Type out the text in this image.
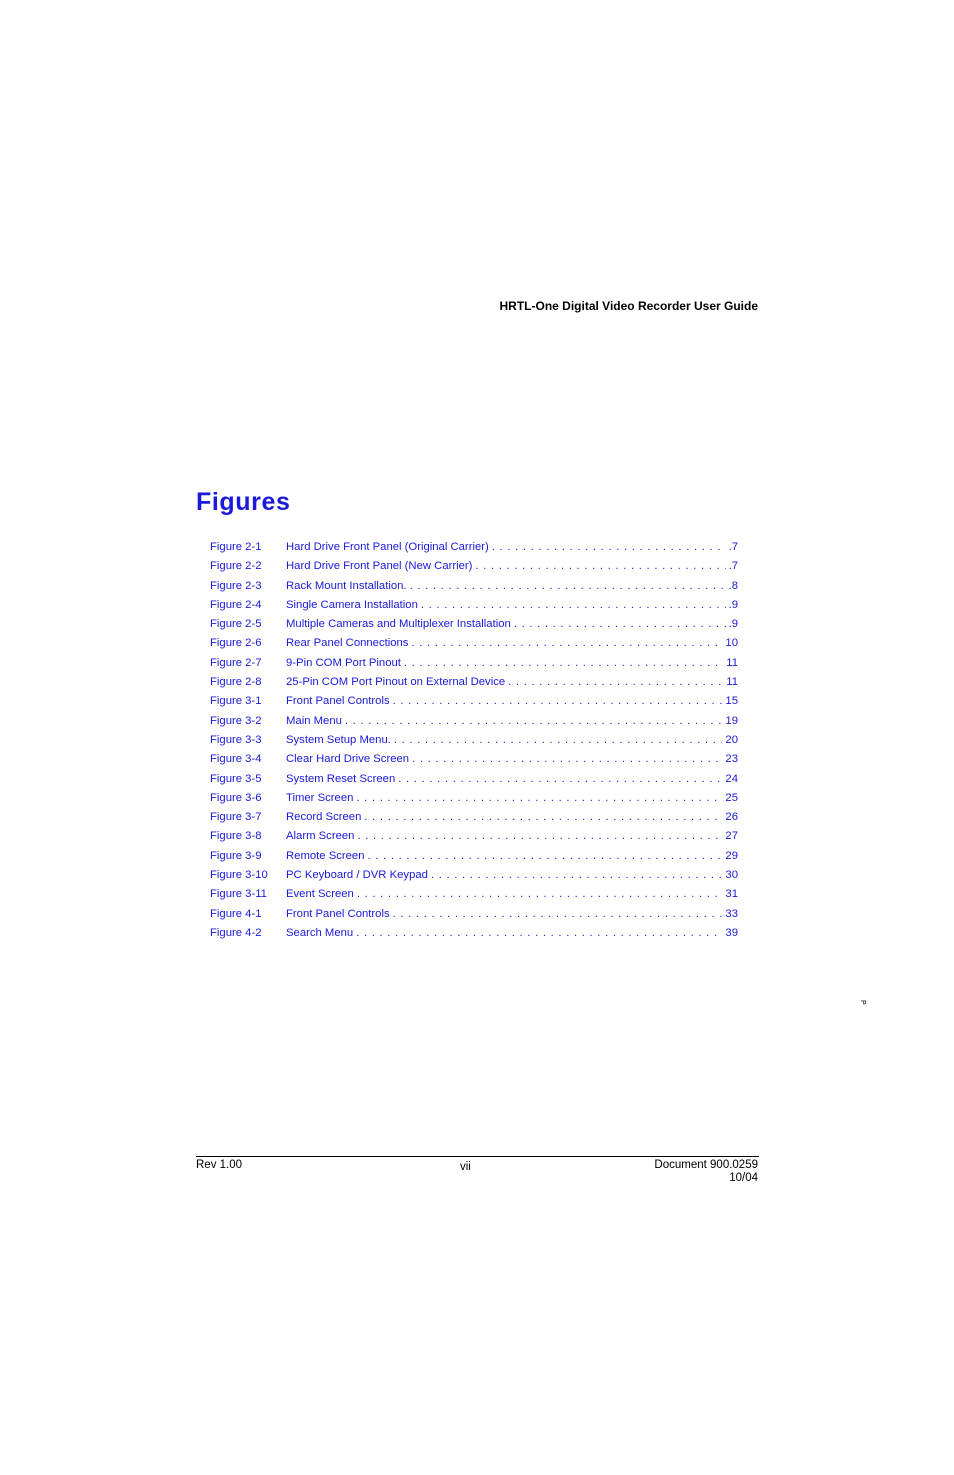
HRTL-One Digital Video Recorder User Guide
Figures
Figure 2-1 Hard Drive Front Panel (Original Carrier) . . .	.7
Figure 2-2 Hard Drive Front Panel (New Carrier) . . .	.7
Figure 2-3 Rack Mount Installation. . . .	.8
Figure 2-4 Single Camera Installation . . .	.9
Figure 2-5 Multiple Cameras and Multiplexer Installation . . .	.9
Figure 2-6 Rear Panel Connections . . .	10
Figure 2-7 9-Pin COM Port Pinout . . .	11
Figure 2-8 25-Pin COM Port Pinout on External Device . . .	11
Figure 3-1 Front Panel Controls . . .	15
Figure 3-2 Main Menu . . .	19
Figure 3-3 System Setup Menu. . . .	20
Figure 3-4 Clear Hard Drive Screen . . .	23
Figure 3-5 System Reset Screen . . .	24
Figure 3-6 Timer Screen . . .	25
Figure 3-7 Record Screen . . .	26
Figure 3-8 Alarm Screen . . .	27
Figure 3-9 Remote Screen . . .	29
Figure 3-10 PC Keyboard / DVR Keypad . . .	30
Figure 3-11 Event Screen . . .	31
Figure 4-1 Front Panel Controls . . .	33
Figure 4-2 Search Menu . . .	39
P
Rev 1.00	vii	Document 900.0259
10/04
